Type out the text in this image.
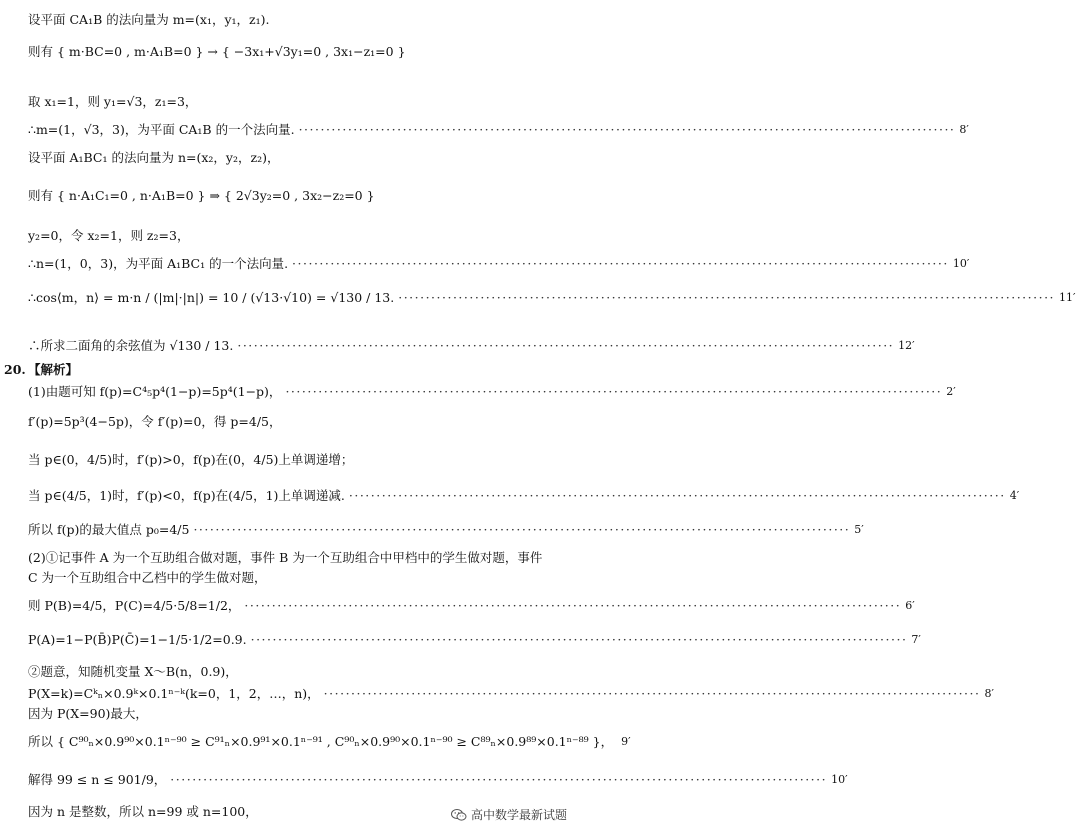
设平面 CA₁B 的法向量为 m=(x₁，y₁，z₁).
则有 { m·BC=0 , m·A₁B=0 } → { −3x₁+√3y₁=0 , 3x₁−z₁=0 }
取 x₁=1，则 y₁=√3，z₁=3，
∴m=(1，√3，3)，为平面 CA₁B 的一个法向量. ························································································································ 8′
设平面 A₁BC₁ 的法向量为 n=(x₂，y₂，z₂)，
则有 { n·A₁C₁=0 , n·A₁B=0 } ⇒ { 2√3y₂=0 , 3x₂−z₂=0 }
y₂=0，令 x₂=1，则 z₂=3，
∴n=(1，0，3)，为平面 A₁BC₁ 的一个法向量. ························································································································ 10′
∴cos⟨m，n⟩ = m·n / (|m|·|n|) = 10 / (√13·√10) = √130 / 13. ························································································································ 11′
∴所求二面角的余弦值为 √130 / 13. ························································································································ 12′
20. 【解析】
(1)由题可知 f(p)=C⁴₅p⁴(1−p)=5p⁴(1−p)， ························································································································ 2′
f′(p)=5p³(4−5p)，令 f′(p)=0，得 p=4/5，
当 p∈(0，4/5)时，f′(p)>0，f(p)在(0，4/5)上单调递增；
当 p∈(4/5，1)时，f′(p)<0，f(p)在(4/5，1)上单调递减. ························································································································ 4′
所以 f(p)的最大值点 p₀=4/5 ························································································································ 5′
(2)①记事件 A 为一个互助组合做对题，事件 B 为一个互助组合中甲档中的学生做对题，事件
C 为一个互助组合中乙档中的学生做对题，
则 P(B)=4/5，P(C)=4/5·5/8=1/2， ························································································································ 6′
P(A)=1−P(B̄)P(C̄)=1−1/5·1/2=0.9. ························································································································ 7′
②题意，知随机变量 X～B(n，0.9)，
P(X=k)=Cᵏₙ×0.9ᵏ×0.1ⁿ⁻ᵏ(k=0，1，2，…，n)， ························································································································ 8′
因为 P(X=90)最大，
所以 { C⁹⁰ₙ×0.9⁹⁰×0.1ⁿ⁻⁹⁰ ≥ C⁹¹ₙ×0.9⁹¹×0.1ⁿ⁻⁹¹ , C⁹⁰ₙ×0.9⁹⁰×0.1ⁿ⁻⁹⁰ ≥ C⁸⁹ₙ×0.9⁸⁹×0.1ⁿ⁻⁸⁹ }， 9′
解得 99 ≤ n ≤ 901/9， ························································································································ 10′
因为 n 是整数，所以 n=99 或 n=100，	高中数学最新试题
